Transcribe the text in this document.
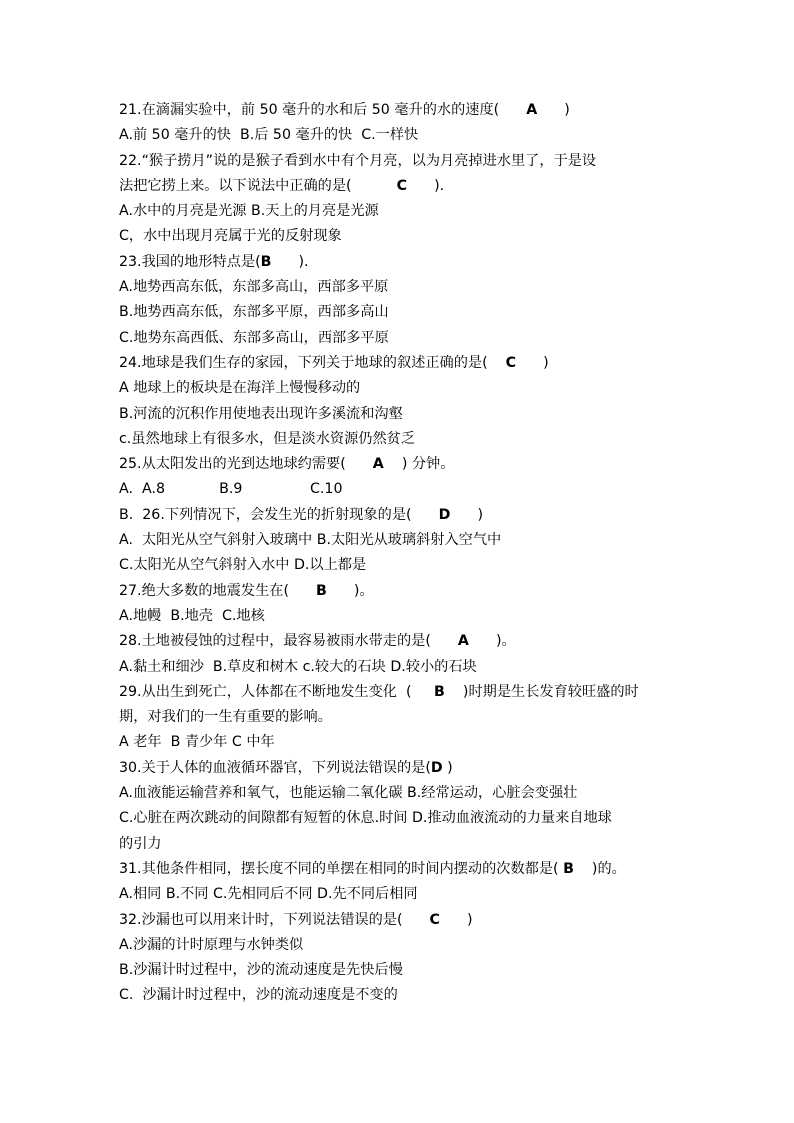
21.在滴漏实验中，前 50 毫升的水和后 50 毫升的水的速度(      A      )
A.前 50 毫升的快  B.后 50 毫升的快  C.一样快
22.“猴子捞月”说的是猴子看到水中有个月亮，以为月亮掉进水里了，于是设
法把它捞上来。以下说法中正确的是(          C      ).
A.水中的月亮是光源 B.天上的月亮是光源
C，水中出现月亮属于光的反射现象
23.我国的地形特点是(B      ).
A.地势西高东低，东部多高山，西部多平原
B.地势西高东低，东部多平原，西部多高山
C.地势东高西低、东部多高山，西部多平原
24.地球是我们生存的家园，下列关于地球的叙述正确的是(    C      )
A 地球上的板块是在海洋上慢慢移动的
B.河流的沉积作用使地表出现许多溪流和沟壑
c.虽然地球上有很多水，但是淡水资源仍然贫乏
25.从太阳发出的光到达地球约需要(      A    ) 分钟。
A.  A.8            B.9               C.10
B.  26.下列情况下，会发生光的折射现象的是(      D      )
A.  太阳光从空气斜射入玻璃中 B.太阳光从玻璃斜射入空气中
C.太阳光从空气斜射入水中 D.以上都是
27.绝大多数的地震发生在(      B      )。
A.地幔  B.地壳  C.地核
28.土地被侵蚀的过程中，最容易被雨水带走的是(      A      )。
A.黏土和细沙  B.草皮和树木 c.较大的石块 D.较小的石块
29.从出生到死亡，人体都在不断地发生变化  (     B    )时期是生长发育较旺盛的时
期，对我们的一生有重要的影响。
A 老年  B 青少年 C 中年
30.关于人体的血液循环器官，下列说法错误的是(D )
A.血液能运输营养和氧气，也能运输二氧化碳 B.经常运动，心脏会变强壮
C.心脏在两次跳动的间隙都有短暂的休息.时间 D.推动血液流动的力量来自地球
的引力
31.其他条件相同，摆长度不同的单摆在相同的时间内摆动的次数都是( B    )的。
A.相同 B.不同 C.先相同后不同 D.先不同后相同
32.沙漏也可以用来计时，下列说法错误的是(      C      )
A.沙漏的计时原理与水钟类似
B.沙漏计时过程中，沙的流动速度是先快后慢
C.  沙漏计时过程中，沙的流动速度是不变的
